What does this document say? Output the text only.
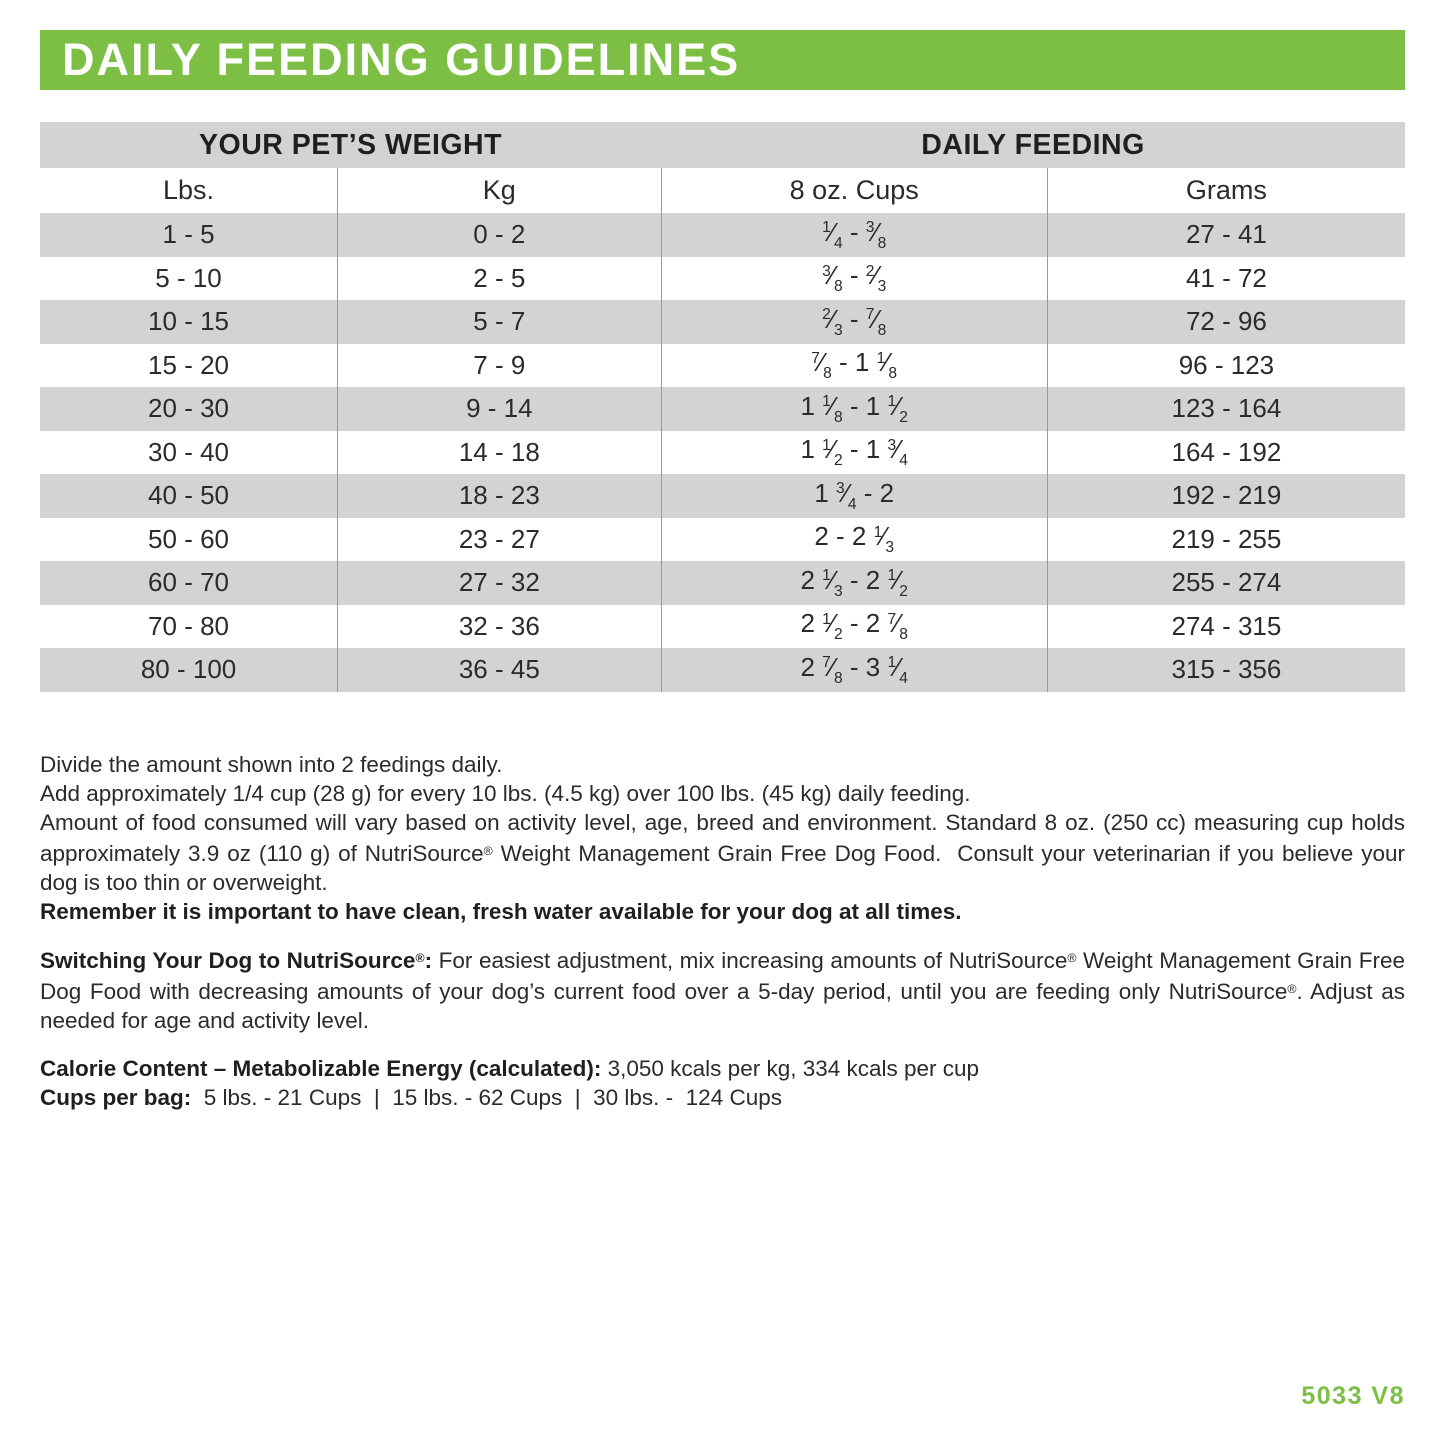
DAILY FEEDING GUIDELINES
YOUR PET’S WEIGHT		DAILY FEEDING	
Lbs.	Kg	8 oz. Cups	Grams
1 - 5	0 - 2	$^1⁄_4$ - $^3⁄_8$	27 - 41
5 - 10	2 - 5	$^3⁄_8$ - $^2⁄_3$	41 - 72
10 - 15	5 - 7	$^2⁄_3$ - $^7⁄_8$	72 - 96
15 - 20	7 - 9	$^7⁄_8 - 1$ $^1⁄_8$	96 - 123
20 - 30	9 - 14	1 $^1⁄_8 - 1$ $^1⁄_2$	123 - 164
30 - 40	14 - 18	1 $^1⁄_2 - 1$ $^3⁄_4$	164 - 192
40 - 50	18 - 23	1 $^3⁄_4 - 2$	192 - 219
50 - 60	23 - 27	2 - 2 $^1⁄_3$	219 - 255
60 - 70	27 - 32	2 $^1⁄_3 - 2$ $^1⁄_2$	255 - 274
70 - 80	32 - 36	2 $^1⁄_2 - 2$ $^7⁄_8$	274 - 315
80 - 100	36 - 45	2 $^7⁄_8 - 3$ $^1⁄_4$	315 - 356
Divide the amount shown into 2 feedings daily.
Add approximately 1/4 cup (28 g) for every 10 lbs. (4.5 kg) over 100 lbs. (45 kg) daily feeding.
Amount of food consumed will vary based on activity level, age, breed and environment. Standard 8 oz. (250 cc) measuring cup holds approximately 3.9 oz (110 g) of NutriSource® Weight Management Grain Free Dog Food.  Consult your veterinarian if you believe your dog is too thin or overweight.
Remember it is important to have clean, fresh water available for your dog at all times.
Switching Your Dog to NutriSource®: For easiest adjustment, mix increasing amounts of NutriSource® Weight Management Grain Free Dog Food with decreasing amounts of your dog’s current food over a 5-day period, until you are feeding only NutriSource®. Adjust as needed for age and activity level.
Calorie Content – Metabolizable Energy (calculated): 3,050 kcals per kg, 334 kcals per cup
Cups per bag:  5 lbs. - 21 Cups  |  15 lbs. - 62 Cups  |  30 lbs. -  124 Cups
5033 V8
